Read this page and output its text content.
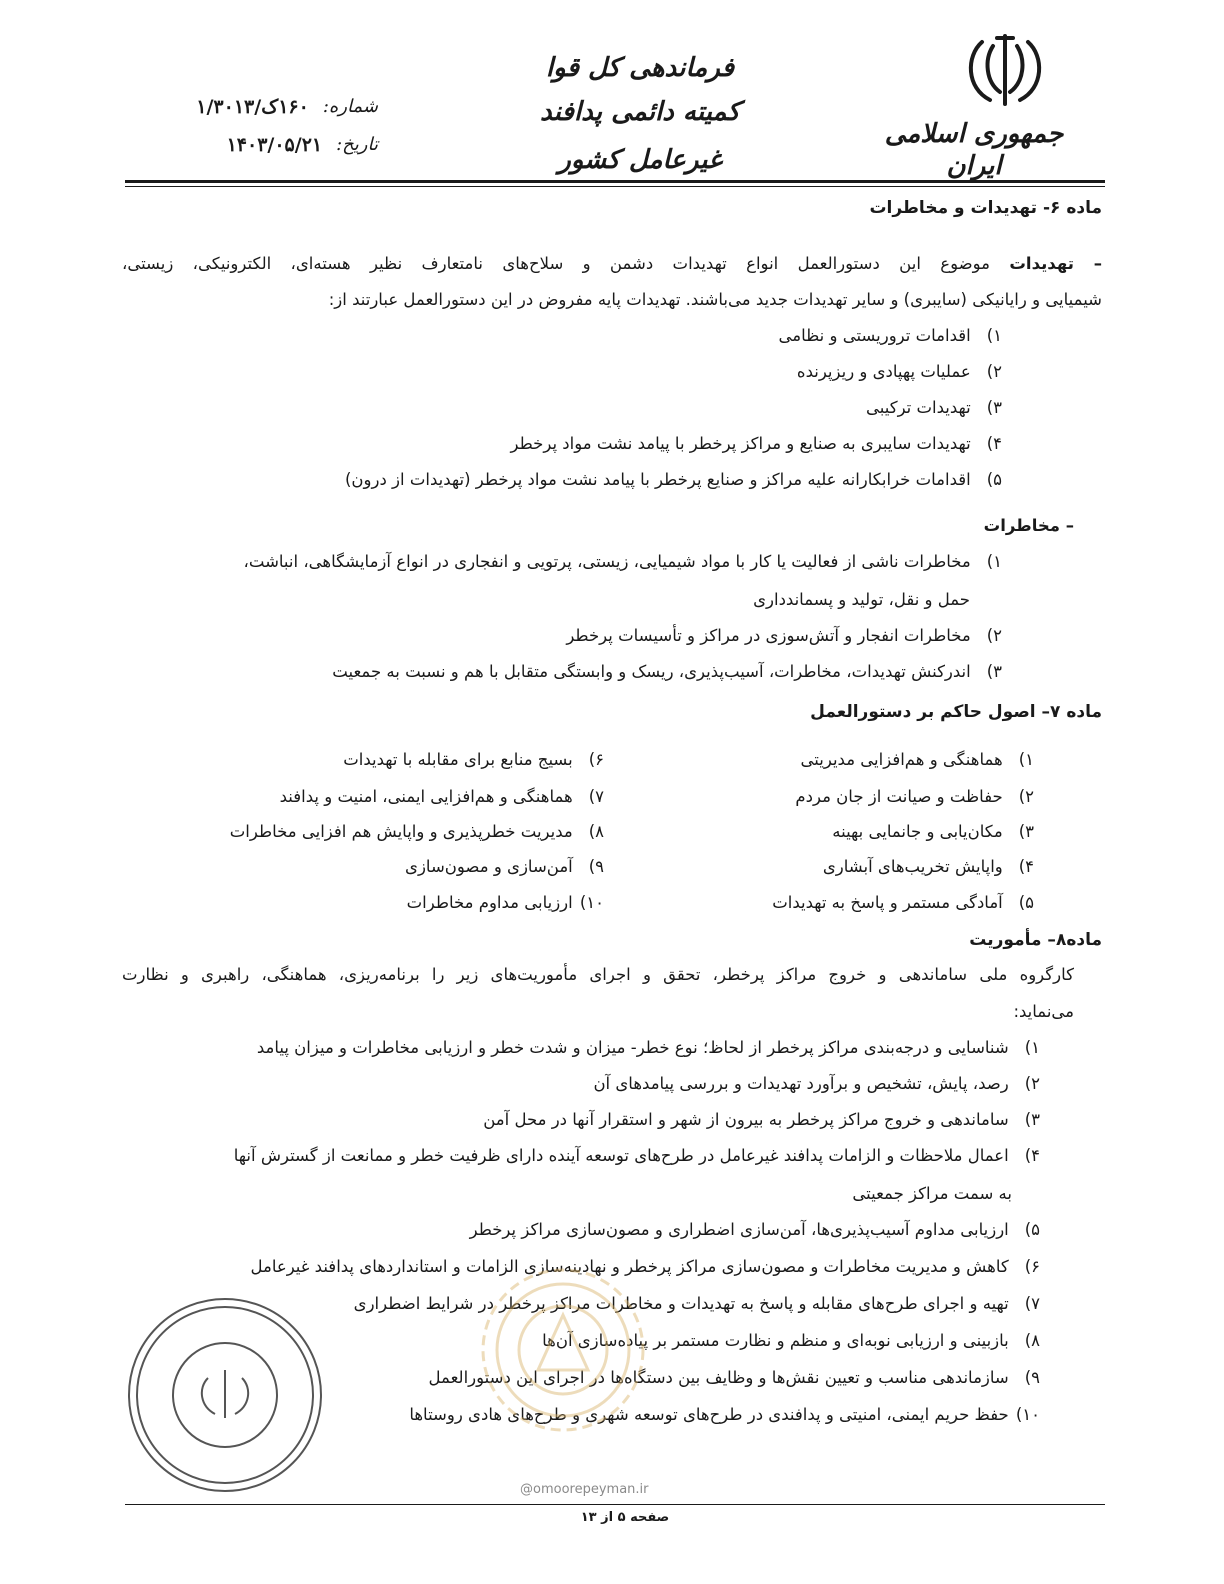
جمهوری اسلامی ایران
فرماندهی کل قوا
کمیته دائمی پدافند غیرعامل کشور
شماره:
۱۶۰ک/۱/۳۰۱۳
تاریخ:
۱۴۰۳/۰۵/۲۱
ماده ۶- تهدیدات و مخاطرات
– تهدیدات موضوع این دستورالعمل انواع تهدیدات دشمن و سلاح‌های نامتعارف نظیر هسته‌ای، الکترونیکی، زیستی،
شیمیایی و رایانیکی (سایبری) و سایر تهدیدات جدید می‌باشند. تهدیدات پایه مفروض در این دستورالعمل عبارتند از:
۱) اقدامات تروریستی و نظامی
۲) عملیات پهپادی و ریزپرنده
۳) تهدیدات ترکیبی
۴) تهدیدات سایبری به صنایع و مراکز پرخطر با پیامد نشت مواد پرخطر
۵) اقدامات خرابکارانه علیه مراکز و صنایع پرخطر با پیامد نشت مواد پرخطر (تهدیدات از درون)
– مخاطرات
۱) مخاطرات ناشی از فعالیت یا کار با مواد شیمیایی، زیستی، پرتویی و انفجاری در انواع آزمایشگاهی، انباشت،
حمل و نقل، تولید و پسماندداری
۲) مخاطرات انفجار و آتش‌سوزی در مراکز و تأسیسات پرخطر
۳) اندرکنش تهدیدات، مخاطرات، آسیب‌پذیری، ریسک و وابستگی متقابل با هم و نسبت به جمعیت
ماده ۷– اصول حاکم بر دستورالعمل
۱) هماهنگی و هم‌افزایی مدیریتی
۲) حفاظت و صیانت از جان مردم
۳) مکان‌یابی و جانمایی بهینه
۴) واپایش تخریب‌های آبشاری
۵) آمادگی مستمر و پاسخ به تهدیدات
۶) بسیج منابع برای مقابله با تهدیدات
۷) هماهنگی و هم‌افزایی ایمنی، امنیت و پدافند
۸) مدیریت خطرپذیری و واپایش هم افزایی مخاطرات
۹) آمن‌سازی و مصون‌سازی
۱۰) ارزیابی مداوم مخاطرات
ماده۸– مأموریت
کارگروه ملی ساماندهی و خروج مراکز پرخطر، تحقق و اجرای مأموریت‌های زیر را برنامه‌ریزی، هماهنگی، راهبری و نظارت
می‌نماید:
۱) شناسایی و درجه‌بندی مراکز پرخطر از لحاظ؛ نوع خطر- میزان و شدت خطر و ارزیابی مخاطرات و میزان پیامد
۲) رصد، پایش، تشخیص و برآورد تهدیدات و بررسی پیامدهای آن
۳) ساماندهی و خروج مراکز پرخطر به بیرون از شهر و استقرار آنها در محل آمن
۴) اعمال ملاحظات و الزامات پدافند غیرعامل در طرح‌های توسعه آینده دارای ظرفیت خطر و ممانعت از گسترش آنها
به سمت مراکز جمعیتی
۵) ارزیابی مداوم آسیب‌پذیری‌ها، آمن‌سازی اضطراری و مصون‌سازی مراکز پرخطر
۶) کاهش و مدیریت مخاطرات و مصون‌سازی مراکز پرخطر و نهادینه‌سازی الزامات و استانداردهای پدافند غیرعامل
۷) تهیه و اجرای طرح‌های مقابله و پاسخ به تهدیدات و مخاطرات مراکز پرخطر در شرایط اضطراری
۸) بازبینی و ارزیابی نوبه‌ای و منظم و نظارت مستمر بر پیاده‌سازی آن‌ها
۹) سازماندهی مناسب و تعیین نقش‌ها و وظایف بین دستگاه‌ها در اجرای این دستورالعمل
۱۰) حفظ حریم ایمنی، امنیتی و پدافندی در طرح‌های توسعه شهری و طرح‌های هادی روستاها
@omoorepeyman.ir
صفحه ۵ از ۱۳
